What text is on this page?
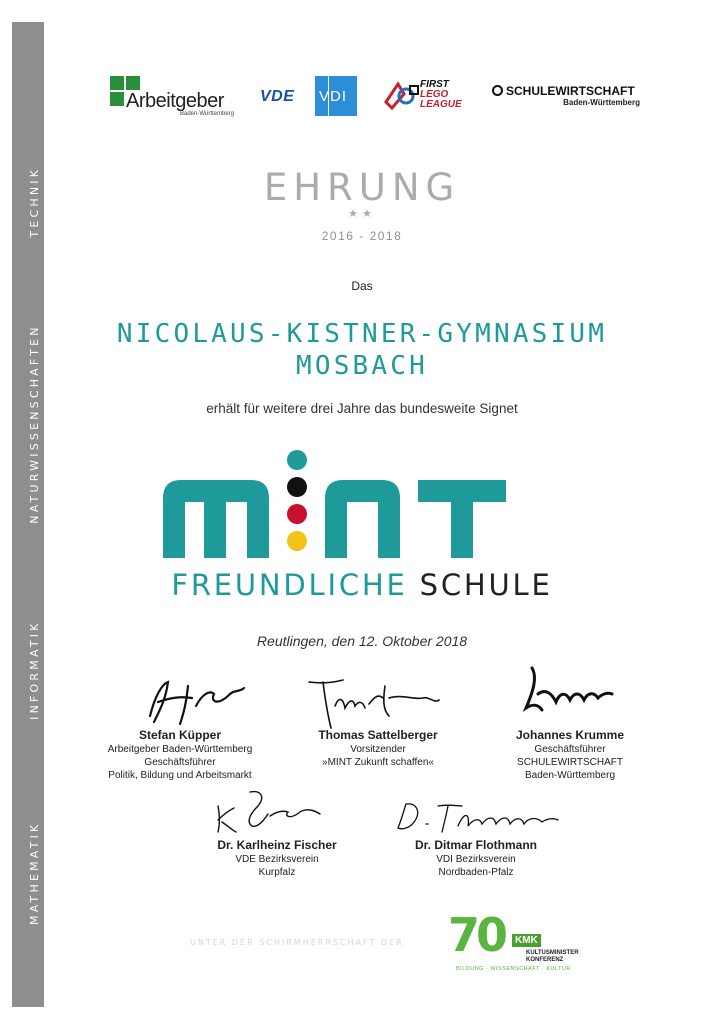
MATHEMATIK INFORMATIK NATURWISSENSCHAFTEN TECHNIK
Arbeitgeber
Baden-Württemberg
VDE VDI
FIRST
LEGO
LEAGUE
SCHULEWIRTSCHAFT
Baden-Württemberg
EHRUNG
★★
2016 - 2018
Das
NICOLAUS-KISTNER-GYMNASIUM
MOSBACH
erhält für weitere drei Jahre das bundesweite Signet
FREUNDLICHE SCHULE
Reutlingen, den 12. Oktober 2018
Stefan Küpper
Arbeitgeber Baden-Württemberg
Geschäftsführer
Politik, Bildung und Arbeitsmarkt
Thomas Sattelberger
Vorsitzender
»MINT Zukunft schaffen«
Johannes Krumme
Geschäftsführer
SCHULEWIRTSCHAFT
Baden-Württemberg
Dr. Karlheinz Fischer
VDE Bezirksverein
Kurpfalz
Dr. Ditmar Flothmann
VDI Bezirksverein
Nordbaden-Pfalz
UNTER DER SCHIRMHERRSCHAFT DER 70	KMK
KULTUSMINISTER
KONFERENZ
BILDUNG · WISSENSCHAFT · KULTUR
